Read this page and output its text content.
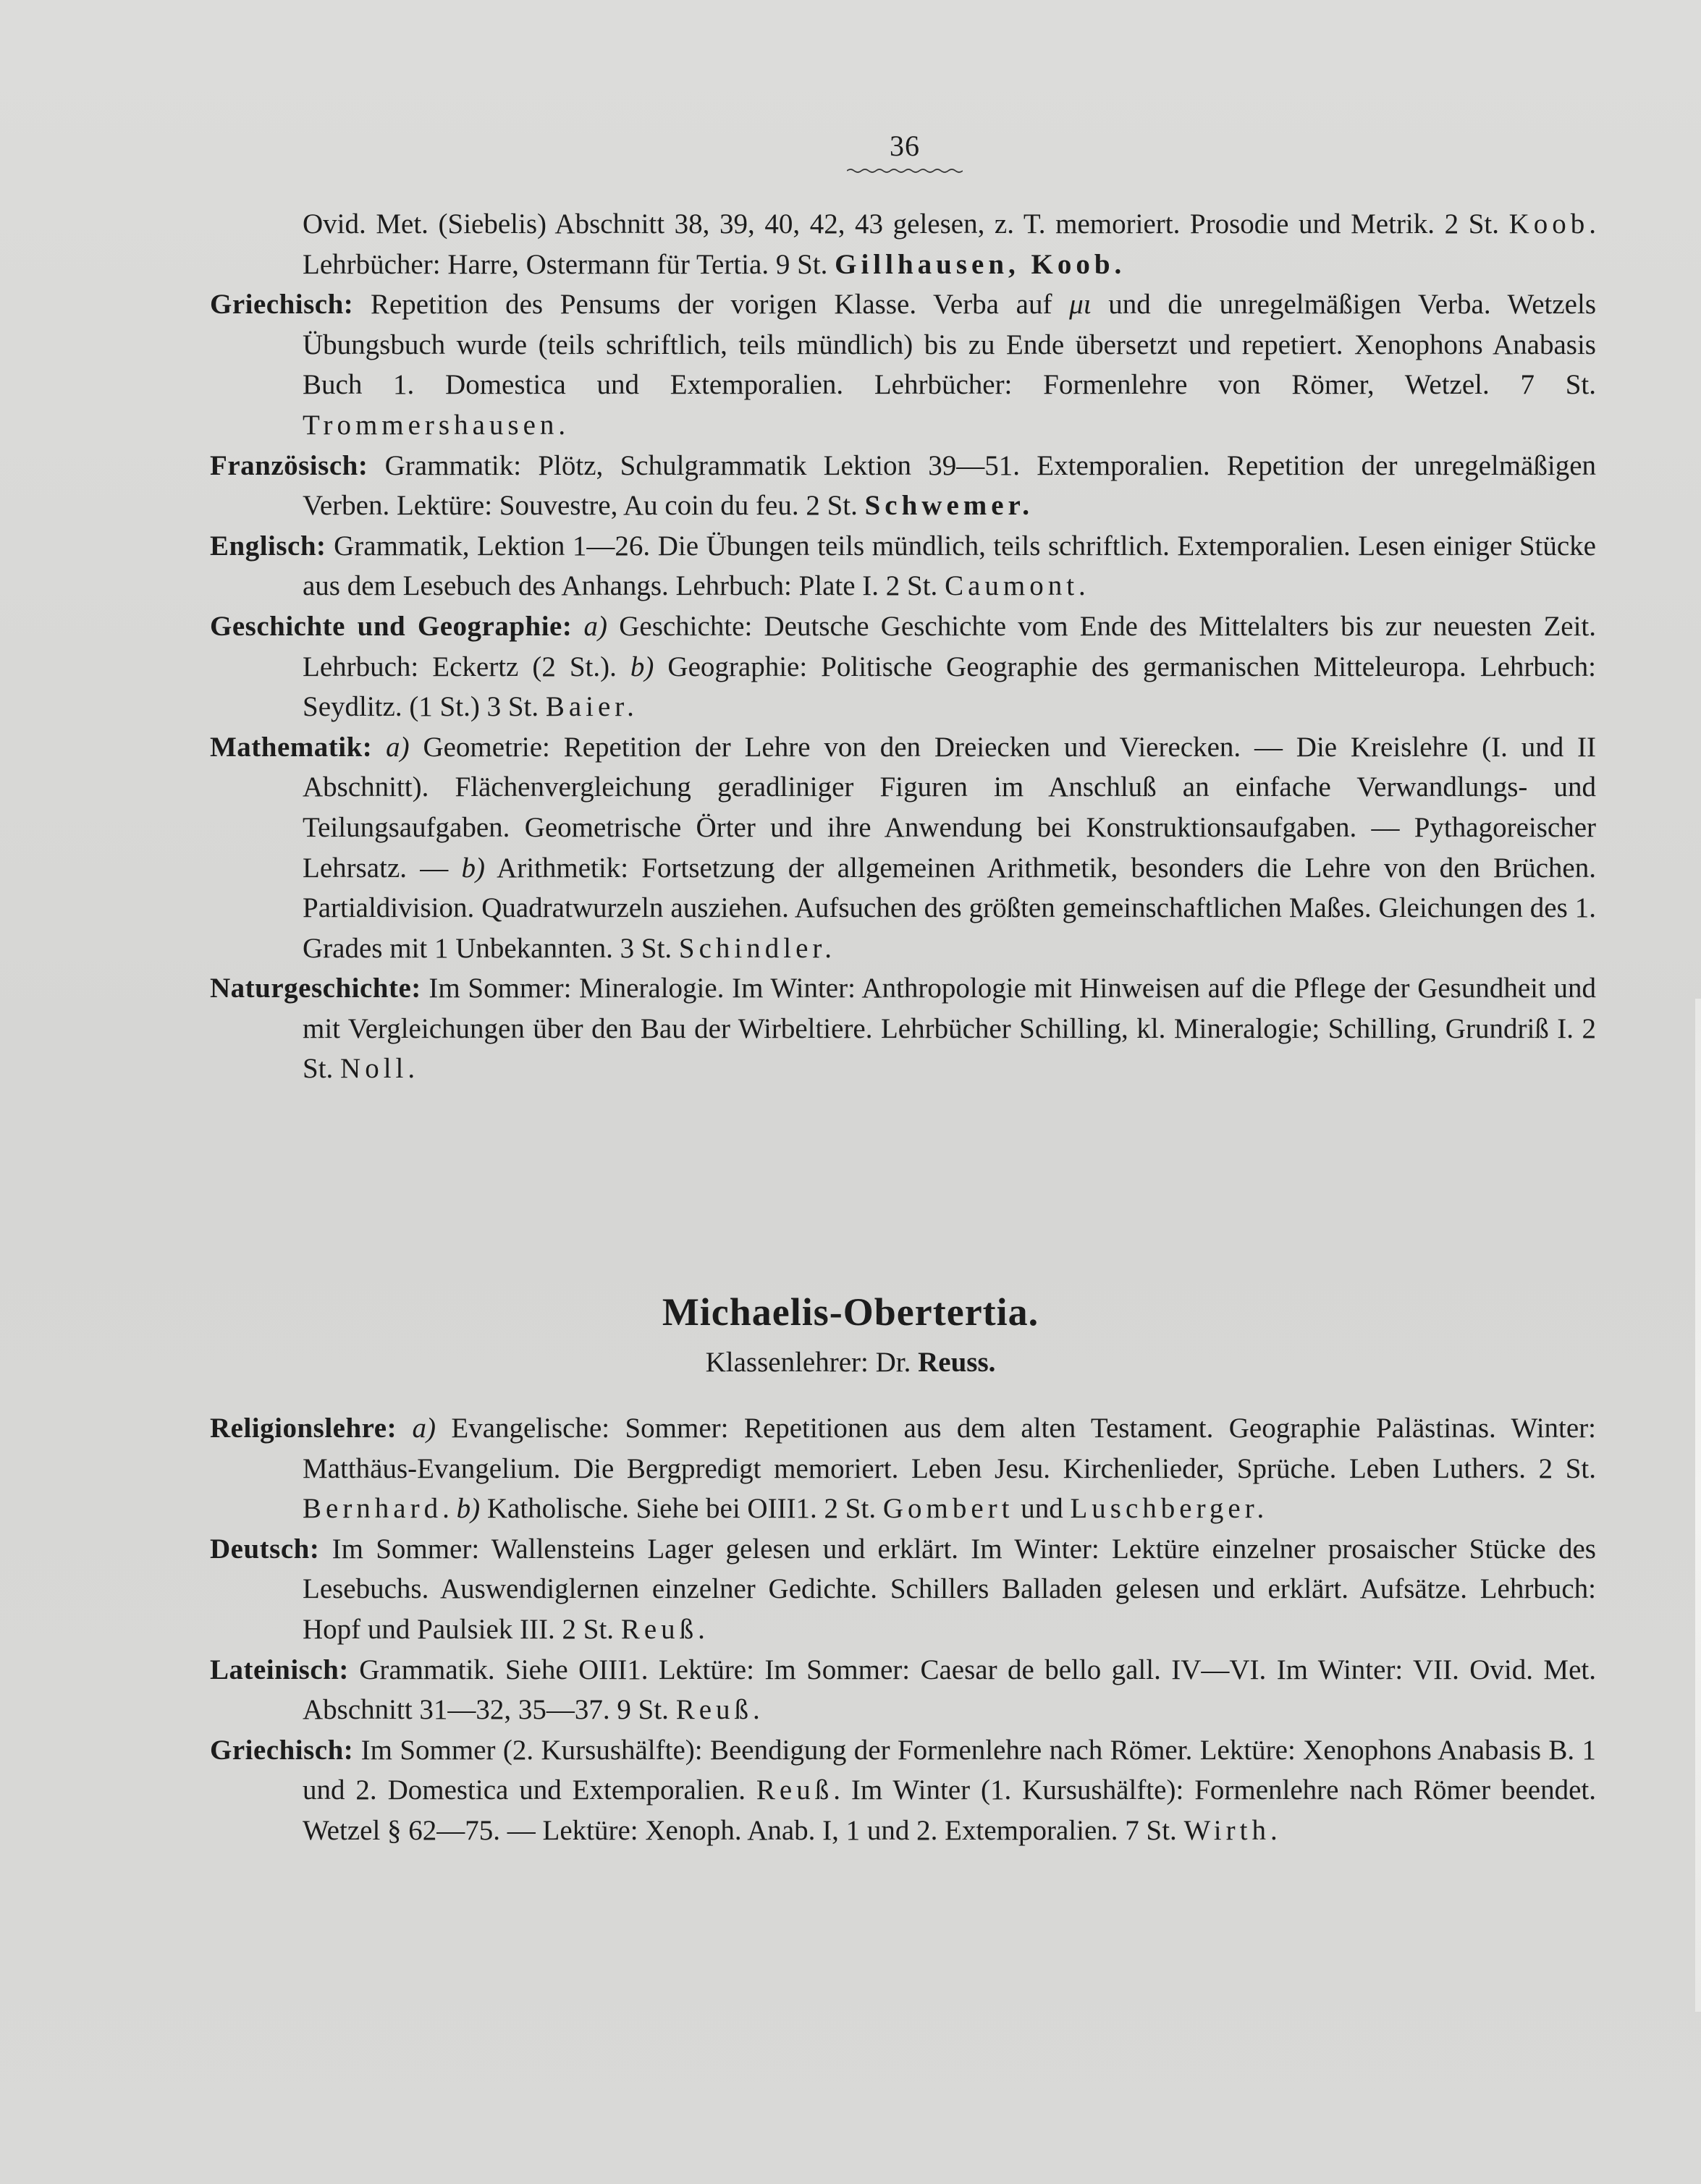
36

Ovid. Met. (Siebelis) Abschnitt 38, 39, 40, 42, 43 gelesen, z. T. memoriert. Prosodie und Metrik. 2 St. Koob. Lehrbücher: Harre, Ostermann für Tertia. 9 St. Gillhausen, Koob.

Griechisch: Repetition des Pensums der vorigen Klasse. Verba auf μι und die unregelmäßigen Verba. Wetzels Übungsbuch wurde (teils schriftlich, teils mündlich) bis zu Ende übersetzt und repetiert. Xenophons Anabasis Buch 1. Domestica und Extemporalien. Lehrbücher: Formenlehre von Römer, Wetzel. 7 St. Trommershausen.

Französisch: Grammatik: Plötz, Schulgrammatik Lektion 39—51. Extemporalien. Repetition der unregelmäßigen Verben. Lektüre: Souvestre, Au coin du feu. 2 St. Schwemer.

Englisch: Grammatik, Lektion 1—26. Die Übungen teils mündlich, teils schriftlich. Extemporalien. Lesen einiger Stücke aus dem Lesebuch des Anhangs. Lehrbuch: Plate I. 2 St. Caumont.

Geschichte und Geographie: a) Geschichte: Deutsche Geschichte vom Ende des Mittelalters bis zur neuesten Zeit. Lehrbuch: Eckertz (2 St.). b) Geographie: Politische Geographie des germanischen Mitteleuropa. Lehrbuch: Seydlitz. (1 St.) 3 St. Baier.

Mathematik: a) Geometrie: Repetition der Lehre von den Dreiecken und Vierecken. — Die Kreislehre (I. und II Abschnitt). Flächenvergleichung geradliniger Figuren im Anschluß an einfache Verwandlungs- und Teilungsaufgaben. Geometrische Örter und ihre Anwendung bei Konstruktionsaufgaben. — Pythagoreischer Lehrsatz. — b) Arithmetik: Fortsetzung der allgemeinen Arithmetik, besonders die Lehre von den Brüchen. Partialdivision. Quadratwurzeln ausziehen. Aufsuchen des größten gemeinschaftlichen Maßes. Gleichungen des 1. Grades mit 1 Unbekannten. 3 St. Schindler.

Naturgeschichte: Im Sommer: Mineralogie. Im Winter: Anthropologie mit Hinweisen auf die Pflege der Gesundheit und mit Vergleichungen über den Bau der Wirbeltiere. Lehrbücher Schilling, kl. Mineralogie; Schilling, Grundriß I. 2 St. Noll.

Michaelis-Obertertia.
Klassenlehrer: Dr. Reuss.

Religionslehre: a) Evangelische: Sommer: Repetitionen aus dem alten Testament. Geographie Palästinas. Winter: Matthäus-Evangelium. Die Bergpredigt memoriert. Leben Jesu. Kirchenlieder, Sprüche. Leben Luthers. 2 St. Bernhard. b) Katholische. Siehe bei OIII1. 2 St. Gombert und Luschberger.

Deutsch: Im Sommer: Wallensteins Lager gelesen und erklärt. Im Winter: Lektüre einzelner prosaischer Stücke des Lesebuchs. Auswendiglernen einzelner Gedichte. Schillers Balladen gelesen und erklärt. Aufsätze. Lehrbuch: Hopf und Paulsiek III. 2 St. Reuß.

Lateinisch: Grammatik. Siehe OIII1. Lektüre: Im Sommer: Caesar de bello gall. IV—VI. Im Winter: VII. Ovid. Met. Abschnitt 31—32, 35—37. 9 St. Reuß.

Griechisch: Im Sommer (2. Kursushälfte): Beendigung der Formenlehre nach Römer. Lektüre: Xenophons Anabasis B. 1 und 2. Domestica und Extemporalien. Reuß. Im Winter (1. Kursushälfte): Formenlehre nach Römer beendet. Wetzel § 62—75. — Lektüre: Xenoph. Anab. I, 1 und 2. Extemporalien. 7 St. Wirth.
